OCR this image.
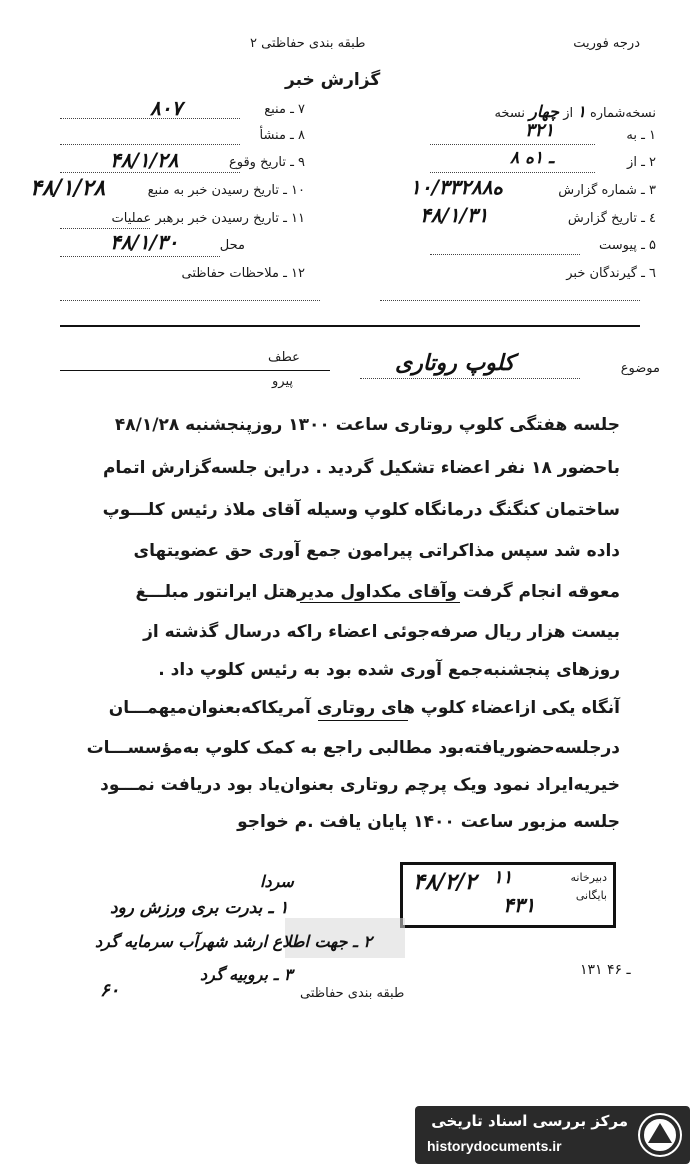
درجه فوریت
طبقه بندی حفاظتی ۲
گزارش خبر
۷ ـ منبع
۸۰۷
۸ ـ منشأ
۹ ـ تاریخ وقوع
۴۸/۱/۲۸
۱۰ ـ تاریخ رسیدن خبر به منبع
۴۸/۱/۲۸
۱۱ ـ تاریخ رسیدن خبر برهبر عملیات
محل
۴۸/۱/۳۰
۱۲ ـ ملاحظات حفاظتی
نسخه‌شماره ۱ از چهار نسخه
۱ ـ به
۳۲۱
۲ ـ از
۸ ـ ۱ه
۳ ـ شماره گزارش
۱۰/۳۳۲۸۸ه
٤ ـ تاریخ گزارش
۴۸/۱/۳۱
۵ ـ پیوست
٦ ـ گیرندگان خبر
موضوع
کلوپ روتاری
عطف
پیرو
جلسه هفتگی کلوپ روتاری ساعت ۱۳۰۰ روزپنجشنبه ۴۸/۱/۲۸
باحضور ۱۸ نفر اعضاء تشکیل گردید . دراین جلسه‌گزارش اتمام
ساختمان کنگنگ درمانگاه کلوپ وسیله آقای ملاذ رئیس کلـــوپ
داده شد سپس مذاکراتی پیرامون جمع آوری حق عضویتهای
معوقه انجام گرفت وآقای مکداول مدیرهتل ایرانتور مبلـــغ
بیست هزار ریال صرفه‌جوئی اعضاء راکه درسال گذشته از
روزهای پنجشنبه‌جمع آوری شده بود به رئیس کلوپ داد .
آنگاه یکی ازاعضاء کلوپ های روتاری آمریکاکه‌بعنوان‌میهمـــان
درجلسه‌حضوریافته‌بود مطالبی راجع به کمک کلوپ به‌مؤسســـات
خیریه‌ایراد نمود ویک پرچم روتاری بعنوان‌یاد بود دریافت نمـــود
جلسه مزبور ساعت ۱۴۰۰ پایان یافت .م خواجو
دبیرخانه
بایگانی
۱۱
۴۸/۲/۲
۴۳۱
سردا
۱ ـ بدرت بری ورزش رود
۲ ـ جهت اطلاع ارشد شهرآب سرمایه گرد
۳ ـ بروبیه گرد
۶۰
۱۳۱ ـ ۴۶
طبقه بندی حفاظتی
مرکز بررسی اسناد تاریخی
historydocuments.ir
